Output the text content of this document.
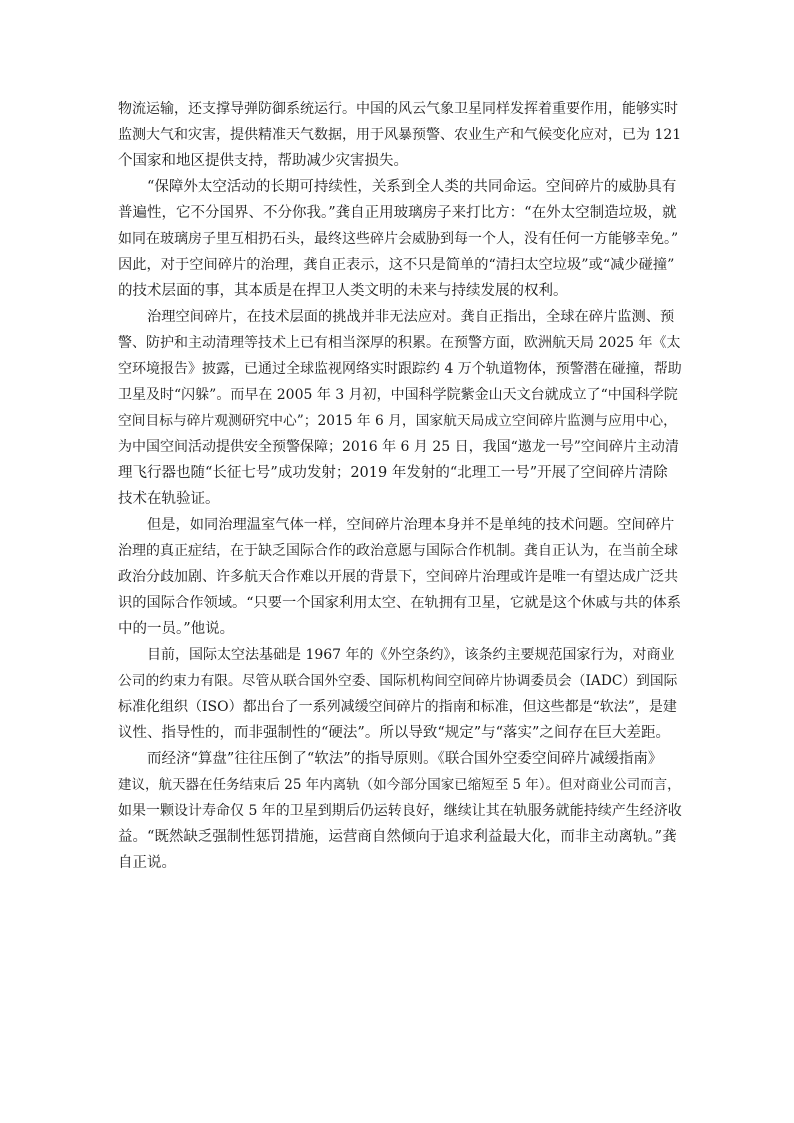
物流运输，还支撑导弹防御系统运行。中国的风云气象卫星同样发挥着重要作用，能够实时
监测大气和灾害，提供精准天气数据，用于风暴预警、农业生产和气候变化应对，已为 121
个国家和地区提供支持，帮助减少灾害损失。

“保障外太空活动的长期可持续性，关系到全人类的共同命运。空间碎片的威胁具有
普遍性，它不分国界、不分你我。”龚自正用玻璃房子来打比方：“在外太空制造垃圾，就
如同在玻璃房子里互相扔石头，最终这些碎片会威胁到每一个人，没有任何一方能够幸免。”
因此，对于空间碎片的治理，龚自正表示，这不只是简单的“清扫太空垃圾”或“减少碰撞”
的技术层面的事，其本质是在捍卫人类文明的未来与持续发展的权利。

治理空间碎片，在技术层面的挑战并非无法应对。龚自正指出，全球在碎片监测、预
警、防护和主动清理等技术上已有相当深厚的积累。在预警方面，欧洲航天局 2025 年《太
空环境报告》披露，已通过全球监视网络实时跟踪约 4 万个轨道物体，预警潜在碰撞，帮助
卫星及时“闪躲”。而早在 2005 年 3 月初，中国科学院紫金山天文台就成立了“中国科学院
空间目标与碎片观测研究中心”；2015 年 6 月，国家航天局成立空间碎片监测与应用中心，
为中国空间活动提供安全预警保障；2016 年 6 月 25 日，我国“遨龙一号”空间碎片主动清
理飞行器也随“长征七号”成功发射；2019 年发射的“北理工一号”开展了空间碎片清除
技术在轨验证。

但是，如同治理温室气体一样，空间碎片治理本身并不是单纯的技术问题。空间碎片
治理的真正症结，在于缺乏国际合作的政治意愿与国际合作机制。龚自正认为，在当前全球
政治分歧加剧、许多航天合作难以开展的背景下，空间碎片治理或许是唯一有望达成广泛共
识的国际合作领域。“只要一个国家利用太空、在轨拥有卫星，它就是这个休戚与共的体系
中的一员。”他说。

目前，国际太空法基础是 1967 年的《外空条约》，该条约主要规范国家行为，对商业
公司的约束力有限。尽管从联合国外空委、国际机构间空间碎片协调委员会（IADC）到国际
标准化组织（ISO）都出台了一系列减缓空间碎片的指南和标准，但这些都是“软法”，是建
议性、指导性的，而非强制性的“硬法”。所以导致“规定”与“落实”之间存在巨大差距。

而经济“算盘”往往压倒了“软法”的指导原则。《联合国外空委空间碎片减缓指南》
建议，航天器在任务结束后 25 年内离轨（如今部分国家已缩短至 5 年）。但对商业公司而言，
如果一颗设计寿命仅 5 年的卫星到期后仍运转良好，继续让其在轨服务就能持续产生经济收
益。“既然缺乏强制性惩罚措施，运营商自然倾向于追求利益最大化，而非主动离轨。”龚
自正说。
